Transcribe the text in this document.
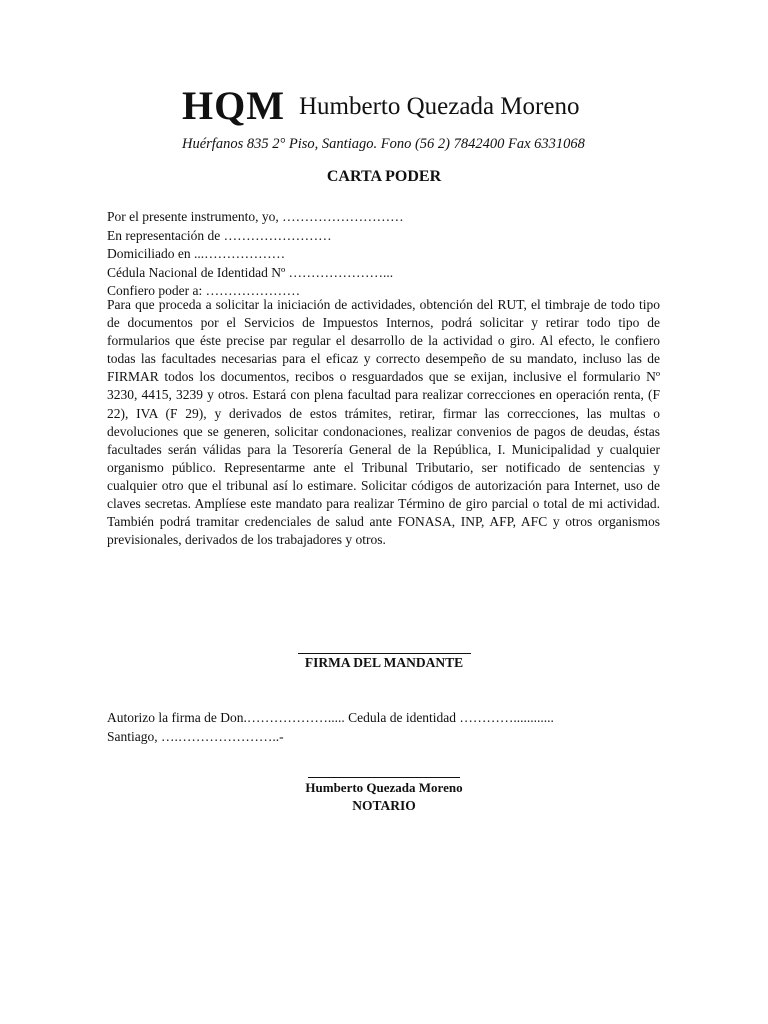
HQM Humberto Quezada Moreno
Huérfanos 835 2° Piso, Santiago. Fono (56 2) 7842400 Fax 6331068
CARTA PODER
Por el presente instrumento, yo, ………………………
En representación de ……………………
Domiciliado en ...………………
Cédula Nacional de Identidad Nº …………………...
Confiero poder a: …………………
Para que proceda a solicitar la iniciación de actividades, obtención del RUT, el timbraje de todo tipo de documentos por el Servicios de Impuestos Internos, podrá solicitar y retirar todo tipo de formularios que éste precise par regular el desarrollo de la actividad o giro. Al efecto, le confiero todas las facultades necesarias para el eficaz y correcto desempeño de su mandato, incluso las de FIRMAR todos los documentos, recibos o resguardados que se exijan, inclusive el formulario Nº 3230, 4415, 3239 y otros. Estará con plena facultad para realizar correcciones en operación renta, (F 22), IVA (F 29), y derivados de estos trámites, retirar, firmar las correcciones, las multas o devoluciones que se generen, solicitar condonaciones, realizar convenios de pagos de deudas, éstas facultades serán válidas para la Tesorería General de la República, I. Municipalidad y cualquier organismo público. Representarme ante el Tribunal Tributario, ser notificado de sentencias y cualquier otro que el tribunal así lo estimare. Solicitar códigos de autorización para Internet, uso de claves secretas. Amplíese este mandato para realizar Término de giro parcial o total de mi actividad. También podrá tramitar credenciales de salud ante FONASA, INP, AFP, AFC y otros organismos previsionales, derivados de los trabajadores y otros.
FIRMA DEL MANDANTE
Autorizo la firma de Don.………………..... Cedula de identidad …………............
Santiago, ….…………………..-
Humberto Quezada Moreno
NOTARIO
